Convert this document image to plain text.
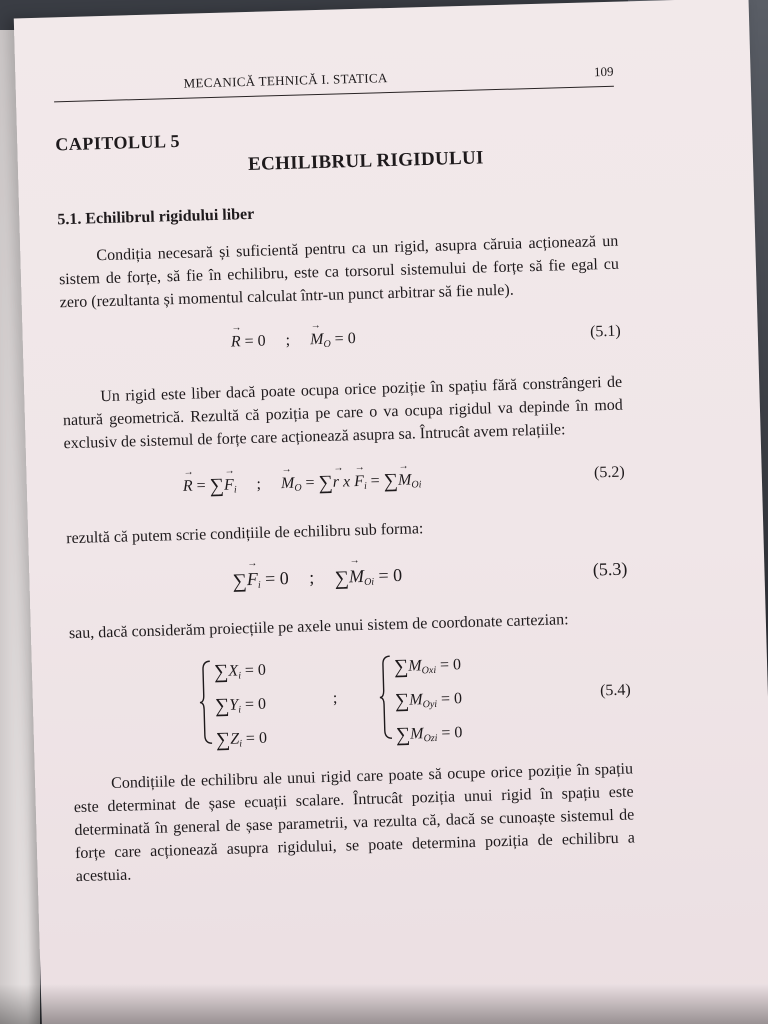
MECANICĂ TEHNICĂ I. STATICA	109
CAPITOLUL 5
ECHILIBRUL RIGIDULUI
5.1. Echilibrul rigidului liber

Condiția necesară și suficientă pentru ca un rigid, asupra căruia acționează un sistem de forțe, să fie în echilibru, este ca torsorul sistemului de forțe să fie egal cu zero (rezultanta și momentul calculat într-un punct arbitrar să fie nule).

→ R = 0 ; → $M_O = 0$	(5.1)

Un rigid este liber dacă poate ocupa orice poziție în spațiu fără constrângeri de natură geometrică. Rezultă că poziția pe care o va ocupa rigidul va depinde în mod exclusiv de sistemul de forțe care acționează asupra sa. Întrucât avem relațiile:

→ R = ∑→ $F_i$ ; → $M_O$ = ∑→ r $x \to F_i$ = ∑→ $M_{Oi}$
(5.2)

rezultă că putem scrie condițiile de echilibru sub forma:

∑→ $F_i = 0$ ; ∑→ $M_{Oi} = 0$	(5.3)

sau, dacă considerăm proiecțiile pe axele unui sistem de coordonate cartezian:

$\sum X_i = 0$
$\sum Y_i = 0$
$\sum Z_i = 0$
;
$\sum M_{Oxi} = 0$
$\sum M_{Oyi} = 0$
$\sum M_{Ozi} = 0$
(5.4)

Condițiile de echilibru ale unui rigid care poate să ocupe orice poziție în spațiu este determinat de șase ecuații scalare. Întrucât poziția unui rigid în spațiu este determinată în general de șase parametrii, va rezulta că, dacă se cunoaște sistemul de forțe care acționează asupra rigidului, se poate determina poziția de echilibru a acestuia.
